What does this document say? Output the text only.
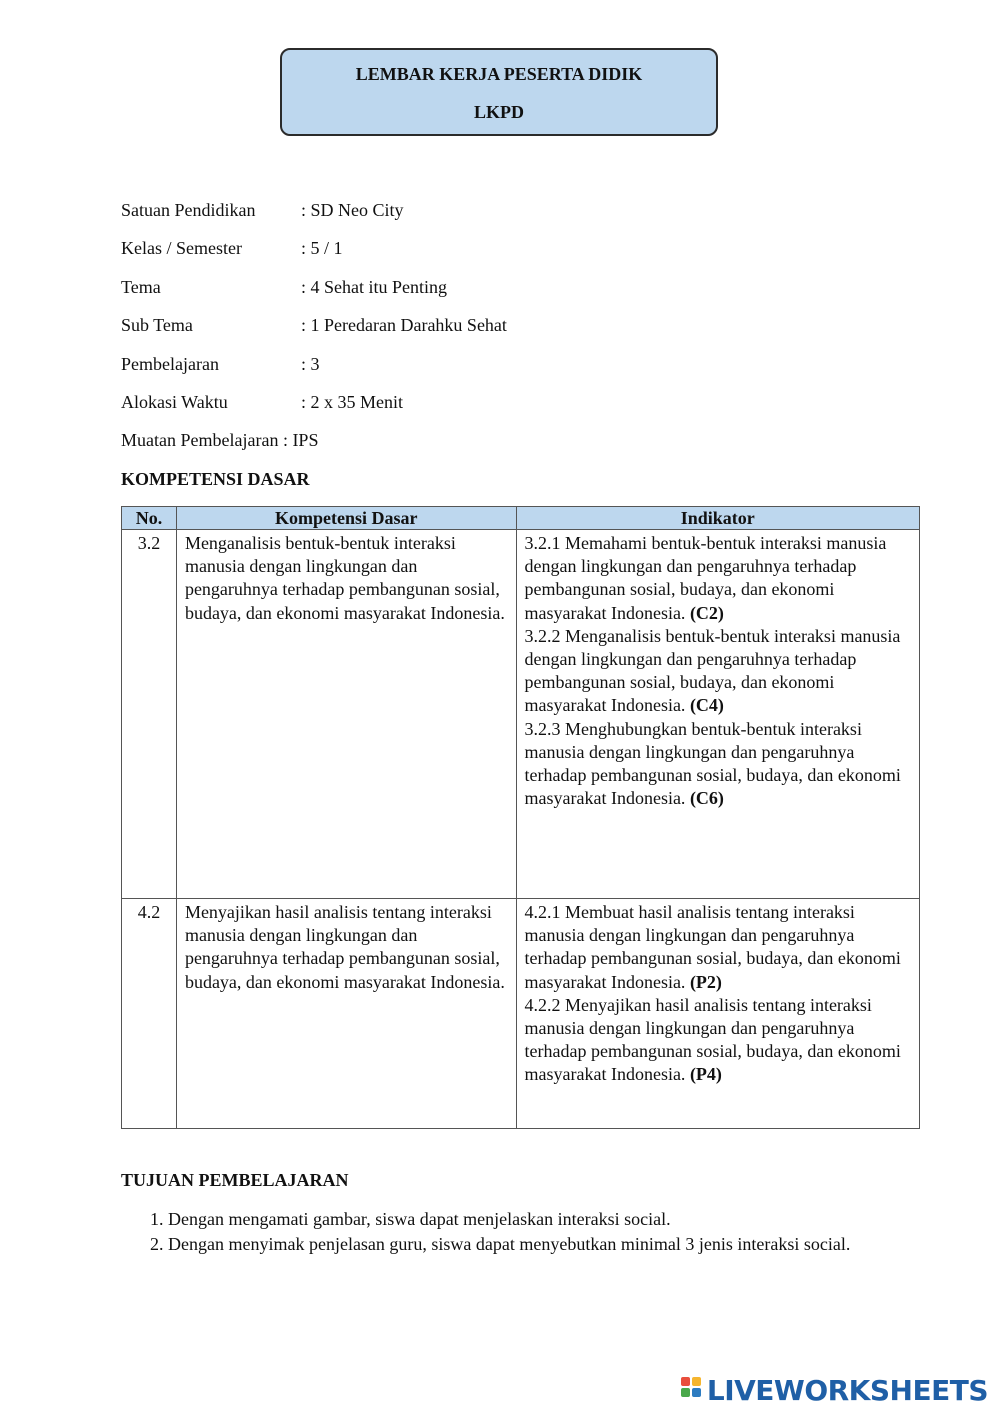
LEMBAR KERJA PESERTA DIDIK
LKPD
Satuan Pendidikan	: SD Neo City
Kelas / Semester	: 5 / 1
Tema	: 4 Sehat itu Penting
Sub Tema	: 1 Peredaran Darahku Sehat
Pembelajaran	: 3
Alokasi Waktu	: 2 x 35 Menit
Muatan Pembelajaran : IPS
KOMPETENSI DASAR
No.	Kompetensi Dasar	Indikator
3.2	Menganalisis bentuk-bentuk interaksi manusia dengan lingkungan dan pengaruhnya terhadap pembangunan sosial, budaya, dan ekonomi masyarakat Indonesia.	3.2.1 Memahami bentuk-bentuk interaksi manusia dengan lingkungan dan pengaruhnya terhadap pembangunan sosial, budaya, dan ekonomi masyarakat Indonesia. (C2)
3.2.2 Menganalisis bentuk-bentuk interaksi manusia dengan lingkungan dan pengaruhnya terhadap pembangunan sosial, budaya, dan ekonomi masyarakat Indonesia. (C4)
3.2.3 Menghubungkan bentuk-bentuk interaksi manusia dengan lingkungan dan pengaruhnya terhadap pembangunan sosial, budaya, dan ekonomi masyarakat Indonesia. (C6)

4.2	Menyajikan hasil analisis tentang interaksi manusia dengan lingkungan dan pengaruhnya terhadap pembangunan sosial, budaya, dan ekonomi masyarakat Indonesia.	4.2.1 Membuat hasil analisis tentang interaksi manusia dengan lingkungan dan pengaruhnya terhadap pembangunan sosial, budaya, dan ekonomi masyarakat Indonesia. (P2)
4.2.2 Menyajikan hasil analisis tentang interaksi manusia dengan lingkungan dan pengaruhnya terhadap pembangunan sosial, budaya, dan ekonomi masyarakat Indonesia. (P4)
TUJUAN PEMBELAJARAN
1. Dengan mengamati gambar, siswa dapat menjelaskan interaksi social.
2. Dengan menyimak penjelasan guru, siswa dapat menyebutkan minimal 3 jenis interaksi social.
LIVEWORKSHEETS
